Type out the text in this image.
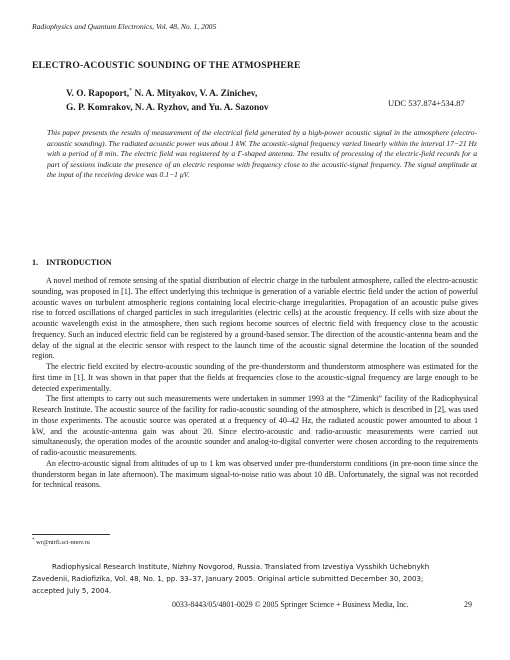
Radiophysics and Quantum Electronics, Vol. 48, No. 1, 2005
ELECTRO-ACOUSTIC SOUNDING OF THE ATMOSPHERE
V. O. Rapoport,* N. A. Mityakov, V. A. Zinichev,
G. P. Komrakov, N. A. Ryzhov, and Yu. A. Sazonov
UDC 537.874+534.87

This paper presents the results of measurement of the electrical field generated by a high-power acoustic signal in the atmosphere (electro-acoustic sounding). The radiated acoustic power was about 1 kW. The acoustic-signal frequency varied linearly within the interval 17−21 Hz with a period of 8 min. The electric field was registered by a Γ-shaped antenna. The results of processing of the electric-field records for a part of sessions indicate the presence of an electric response with frequency close to the acoustic-signal frequency. The signal amplitude at the input of the receiving device was 0.1−1 μV.

1. INTRODUCTION

A novel method of remote sensing of the spatial distribution of electric charge in the turbulent atmosphere, called the electro-acoustic sounding, was proposed in [1]. The effect underlying this technique is generation of a variable electric field under the action of powerful acoustic waves on turbulent atmospheric regions containing local electric-charge irregularities. Propagation of an acoustic pulse gives rise to forced oscillations of charged particles in such irregularities (electric cells) at the acoustic frequency. If cells with size about the acoustic wavelength exist in the atmosphere, then such regions become sources of electric field with frequency close to the acoustic frequency. Such an induced electric field can be registered by a ground-based sensor. The direction of the acoustic-antenna beam and the delay of the signal at the electric sensor with respect to the launch time of the acoustic signal determine the location of the sounded region.

The electric field excited by electro-acoustic sounding of the pre-thunderstorm and thunderstorm atmosphere was estimated for the first time in [1]. It was shown in that paper that the fields at frequencies close to the acoustic-signal frequency are large enough to be detected experimentally.

The first attempts to carry out such measurements were undertaken in summer 1993 at the “Zimenki” facility of the Radiophysical Research Institute. The acoustic source of the facility for radio-acoustic sounding of the atmosphere, which is described in [2], was used in those experiments. The acoustic source was operated at a frequency of 40–42 Hz, the radiated acoustic power amounted to about 1 kW, and the acoustic-antenna gain was about 20. Since electro-acoustic and radio-acoustic measurements were carried out simultaneously, the operation modes of the acoustic sounder and analog-to-digital converter were chosen according to the requirements of radio-acoustic measurements.

An electro-acoustic signal from altitudes of up to 1 km was observed under pre-thunderstorm conditions (in pre-noon time since the thunderstorm began in late afternoon). The maximum signal-to-noise ratio was about 10 dB. Unfortunately, the signal was not recorded for technical reasons.

* wr@nirfi.sci-nnov.ru
Radiophysical Research Institute, Nizhny Novgorod, Russia. Translated from Izvestiya Vysshikh Uchebnykh
Zavedenii, Radiofizika, Vol. 48, No. 1, pp. 33–37, January 2005. Original article submitted December 30, 2003;
accepted July 5, 2004.
0033-8443/05/4801-0029 © 2005 Springer Science + Business Media, Inc.	29
